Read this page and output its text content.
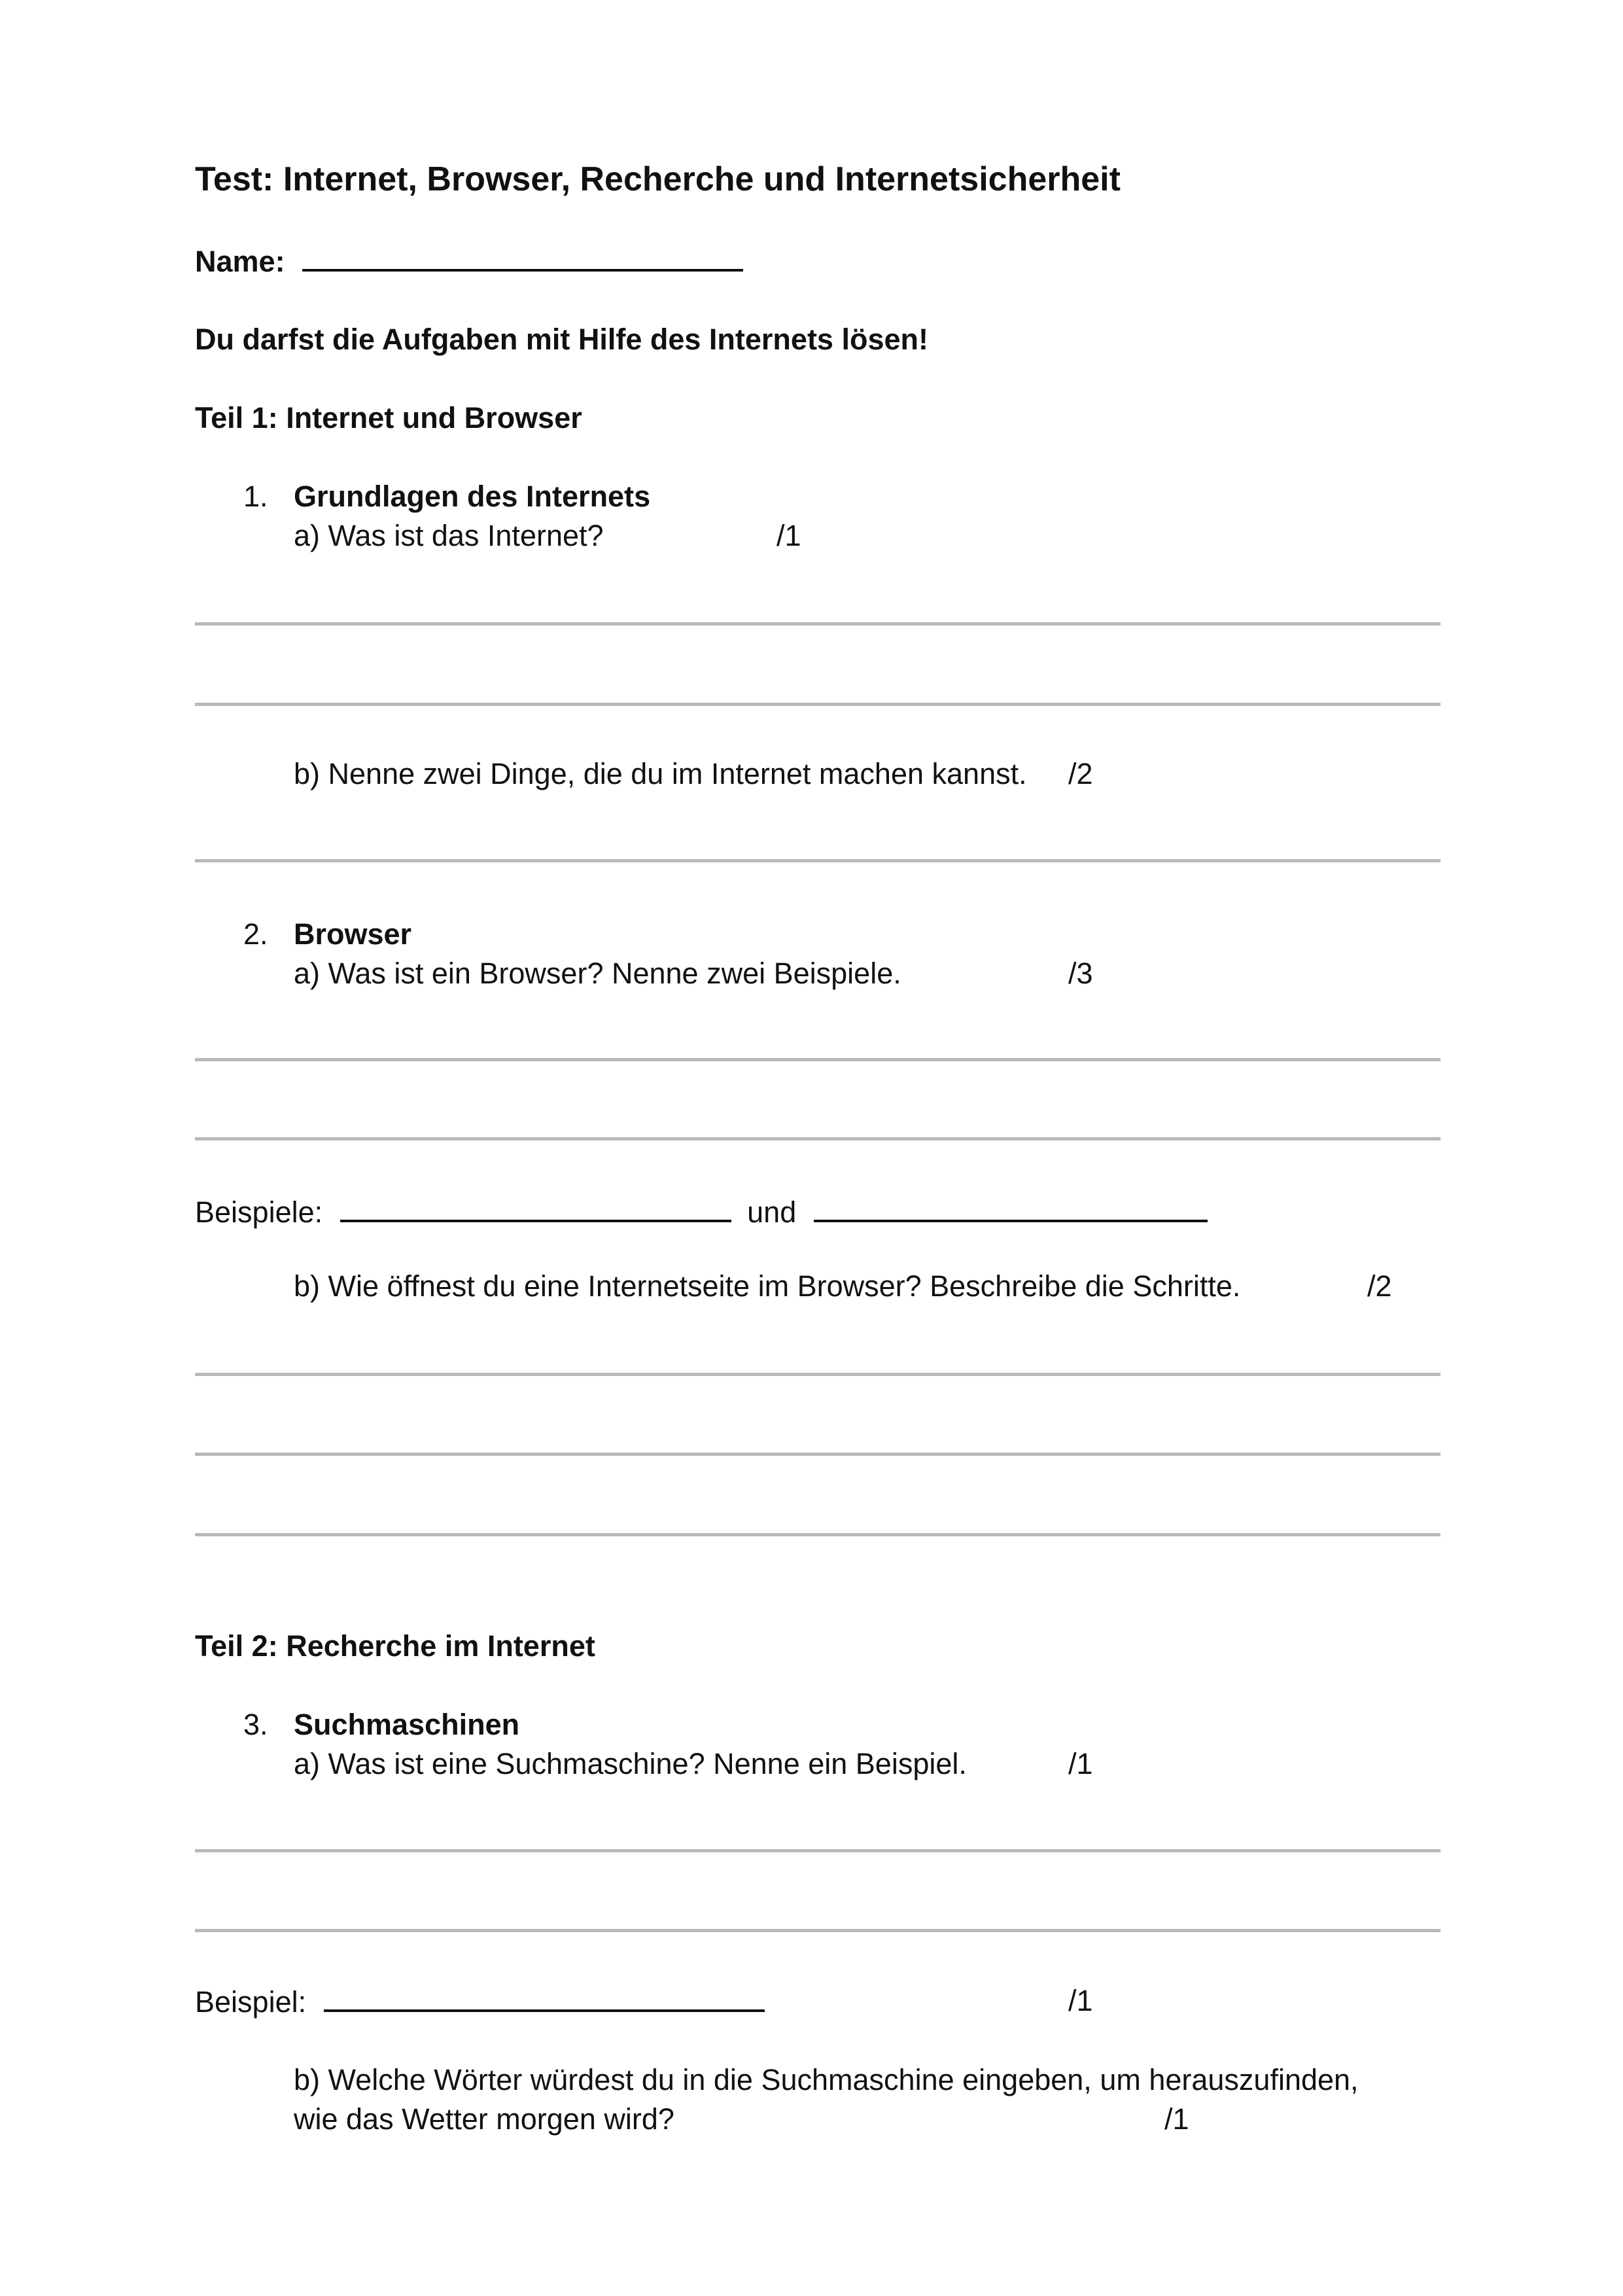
Test: Internet, Browser, Recherche und Internetsicherheit
Name:
Du darfst die Aufgaben mit Hilfe des Internets lösen!
Teil 1: Internet und Browser
1. Grundlagen des Internets
a) Was ist das Internet?	/1
b) Nenne zwei Dinge, die du im Internet machen kannst. /2
2. Browser
a) Was ist ein Browser? Nenne zwei Beispiele.	/3
Beispiele:	und
b) Wie öffnest du eine Internetseite im Browser? Beschreibe die Schritte.	/2
Teil 2: Recherche im Internet
3. Suchmaschinen
a) Was ist eine Suchmaschine? Nenne ein Beispiel.	/1
Beispiel:	/1
b) Welche Wörter würdest du in die Suchmaschine eingeben, um herauszufinden,
wie das Wetter morgen wird?	/1
